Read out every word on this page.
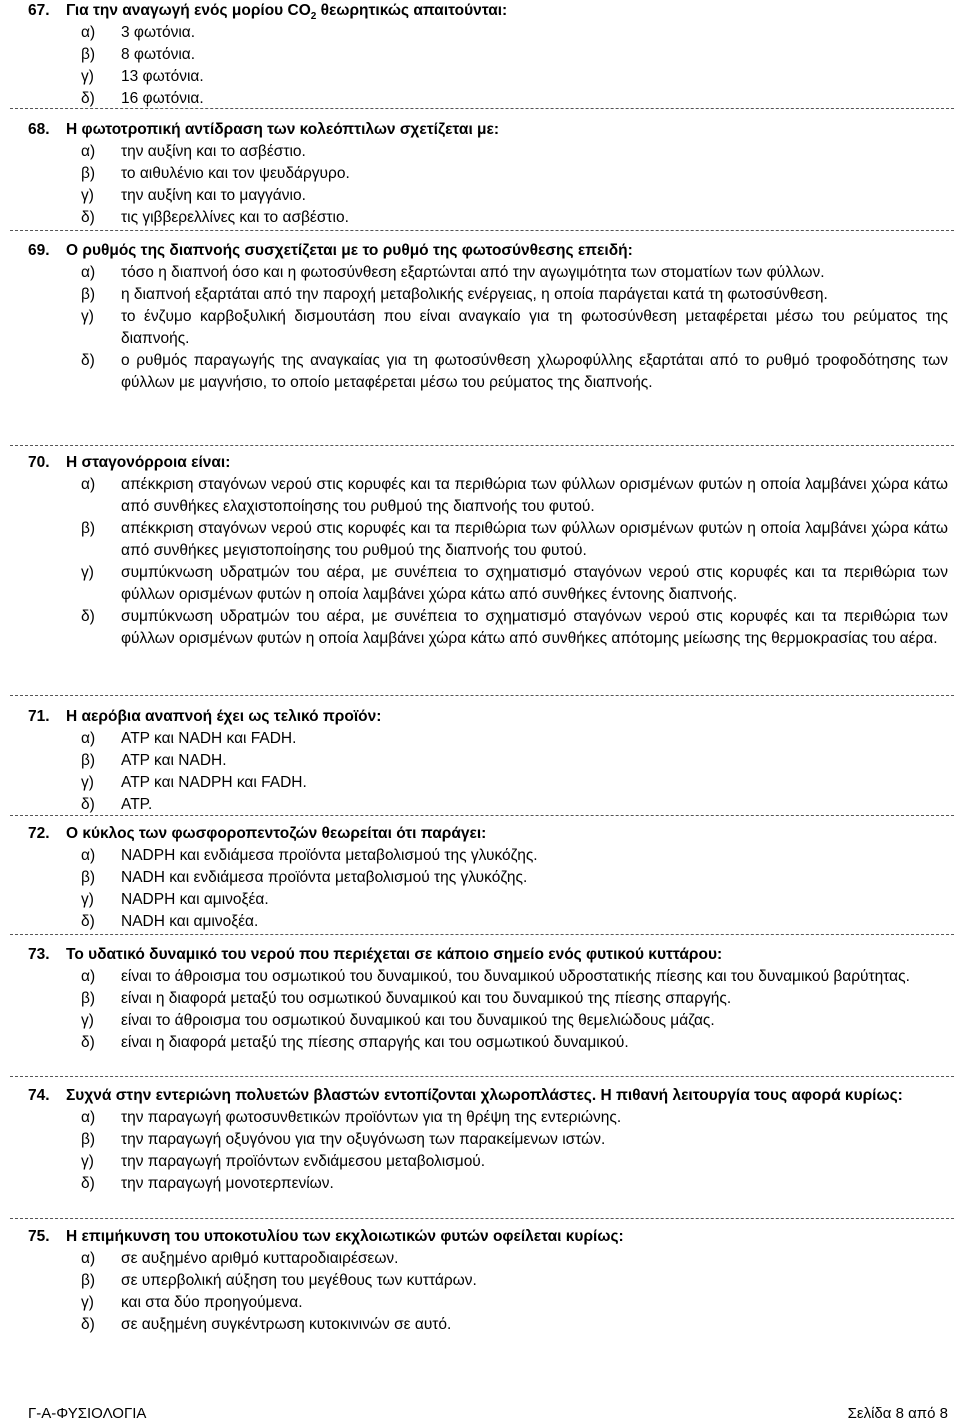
67.	Για την αναγωγή ενός μορίου $CO_2$ θεωρητικώς απαιτούνται:
α)	3 φωτόνια.
β)	8 φωτόνια.
γ)	13 φωτόνια.
δ)	16 φωτόνια.
68.	Η φωτοτροπική αντίδραση των κολεόπτιλων σχετίζεται με:
α)	την αυξίνη και το ασβέστιο.
β)	το αιθυλένιο και τον ψευδάργυρο.
γ)	την αυξίνη και το μαγγάνιο.
δ)	τις γιββερελλίνες και το ασβέστιο.
69.	Ο ρυθμός της διαπνοής συσχετίζεται με το ρυθμό της φωτοσύνθεσης επειδή:
α)	τόσο η διαπνοή όσο και η φωτοσύνθεση εξαρτώνται από την αγωγιμότητα των στοματίων των φύλλων.
β)	η διαπνοή εξαρτάται από την παροχή μεταβολικής ενέργειας, η οποία παράγεται κατά τη φωτοσύνθεση.
γ)	το ένζυμο καρβοξυλική δισμουτάση που είναι αναγκαίο για τη φωτοσύνθεση μεταφέρεται μέσω του ρεύματος της διαπνοής.
δ)	ο ρυθμός παραγωγής της αναγκαίας για τη φωτοσύνθεση χλωροφύλλης εξαρτάται από το ρυθμό τροφοδότησης των φύλλων με μαγνήσιο, το οποίο μεταφέρεται μέσω του ρεύματος της διαπνοής.
70.	Η σταγονόρροια είναι:
α)	απέκκριση σταγόνων νερού στις κορυφές και τα περιθώρια των φύλλων ορισμένων φυτών η οποία λαμβάνει χώρα κάτω από συνθήκες ελαχιστοποίησης του ρυθμού της διαπνοής του φυτού.
β)	απέκκριση σταγόνων νερού στις κορυφές και τα περιθώρια των φύλλων ορισμένων φυτών η οποία λαμβάνει χώρα κάτω από συνθήκες μεγιστοποίησης του ρυθμού της διαπνοής του φυτού.
γ)	συμπύκνωση υδρατμών του αέρα, με συνέπεια το σχηματισμό σταγόνων νερού στις κορυφές και τα περιθώρια των φύλλων ορισμένων φυτών η οποία λαμβάνει χώρα κάτω από συνθήκες έντονης διαπνοής.
δ)	συμπύκνωση υδρατμών του αέρα, με συνέπεια το σχηματισμό σταγόνων νερού στις κορυφές και τα περιθώρια των φύλλων ορισμένων φυτών η οποία λαμβάνει χώρα κάτω από συνθήκες απότομης μείωσης της θερμοκρασίας του αέρα.
71.	Η αερόβια αναπνοή έχει ως τελικό προϊόν:
α)	ATP και NADH και FADH.
β)	ATP και NADH.
γ)	ATP και NADPH και FADH.
δ)	ATP.
72.	Ο κύκλος των φωσφοροπεντοζών θεωρείται ότι παράγει:
α)	NADPH και ενδιάμεσα προϊόντα μεταβολισμού της γλυκόζης.
β)	NADH και ενδιάμεσα προϊόντα μεταβολισμού της γλυκόζης.
γ)	NADPH και αμινοξέα.
δ)	NADH και αμινοξέα.
73.	Το υδατικό δυναμικό του νερού που περιέχεται σε κάποιο σημείο ενός φυτικού κυττάρου:
α)	είναι το άθροισμα του οσμωτικού του δυναμικού, του δυναμικού υδροστατικής πίεσης και του δυναμικού βαρύτητας.
β)	είναι η διαφορά μεταξύ του οσμωτικού δυναμικού και του δυναμικού της πίεσης σπαργής.
γ)	είναι το άθροισμα του οσμωτικού δυναμικού και του δυναμικού της θεμελιώδους μάζας.
δ)	είναι η διαφορά μεταξύ της πίεσης σπαργής και του οσμωτικού δυναμικού.
74.	Συχνά στην εντεριώνη πολυετών βλαστών εντοπίζονται χλωροπλάστες. Η πιθανή λειτουργία τους αφορά κυρίως:
α)	την παραγωγή φωτοσυνθετικών προϊόντων για τη θρέψη της εντεριώνης.
β)	την παραγωγή οξυγόνου για την οξυγόνωση των παρακείμενων ιστών.
γ)	την παραγωγή προϊόντων ενδιάμεσου μεταβολισμού.
δ)	την παραγωγή μονοτερπενίων.
75.	Η επιμήκυνση του υποκοτυλίου των εκχλοιωτικών φυτών οφείλεται κυρίως:
α)	σε αυξημένο αριθμό κυτταροδιαιρέσεων.
β)	σε υπερβολική αύξηση του μεγέθους των κυττάρων.
γ)	και στα δύο προηγούμενα.
δ)	σε αυξημένη συγκέντρωση κυτοκινινών σε αυτό.
Γ-Α-ΦΥΣΙΟΛΟΓΙΑ	Σελίδα 8 από 8
